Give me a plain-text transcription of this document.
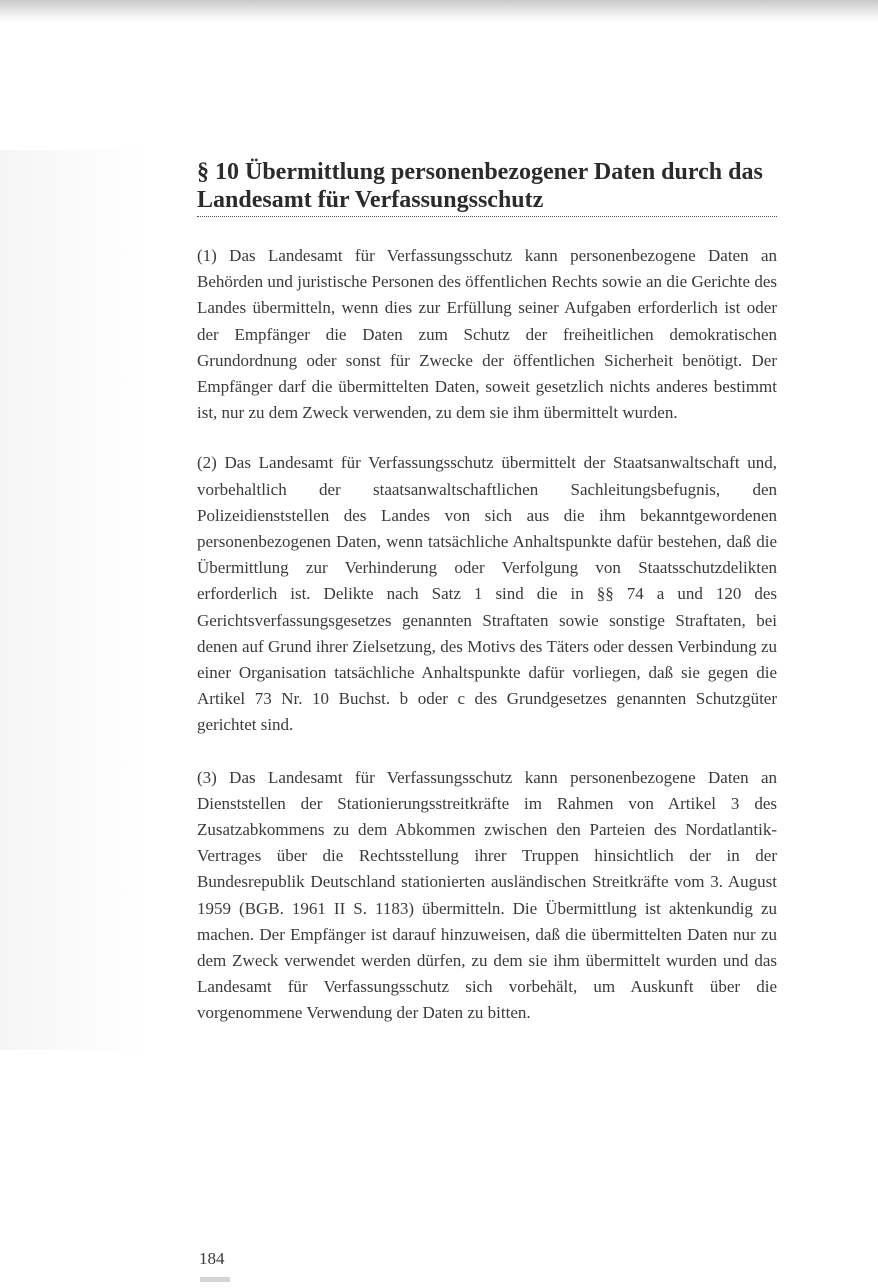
§ 10 Übermittlung personenbezogener Daten durch das Landesamt für Verfassungsschutz

(1) Das Landesamt für Verfassungsschutz kann personenbezogene Daten an Behörden und juristische Personen des öffentlichen Rechts sowie an die Gerichte des Landes übermitteln, wenn dies zur Erfüllung seiner Aufgaben erforderlich ist oder der Empfänger die Daten zum Schutz der freiheitlichen demokratischen Grundordnung oder sonst für Zwecke der öffentlichen Sicherheit benötigt. Der Empfänger darf die übermittelten Daten, soweit gesetzlich nichts anderes bestimmt ist, nur zu dem Zweck verwenden, zu dem sie ihm übermittelt wurden.

(2) Das Landesamt für Verfassungsschutz übermittelt der Staatsanwaltschaft und, vorbehaltlich der staatsanwaltschaftlichen Sachleitungsbefugnis, den Polizeidienststellen des Landes von sich aus die ihm bekanntgewordenen personenbezogenen Daten, wenn tatsächliche Anhaltspunkte dafür bestehen, daß die Übermittlung zur Verhinderung oder Verfolgung von Staatsschutzdelikten erforderlich ist. Delikte nach Satz 1 sind die in §§ 74 a und 120 des Gerichtsverfassungsgesetzes genannten Straftaten sowie sonstige Straftaten, bei denen auf Grund ihrer Zielsetzung, des Motivs des Täters oder dessen Verbindung zu einer Organisation tatsächliche Anhaltspunkte dafür vorliegen, daß sie gegen die Artikel 73 Nr. 10 Buchst. b oder c des Grundgesetzes genannten Schutzgüter gerichtet sind.

(3) Das Landesamt für Verfassungsschutz kann personenbezogene Daten an Dienststellen der Stationierungsstreitkräfte im Rahmen von Artikel 3 des Zusatzabkommens zu dem Abkommen zwischen den Parteien des Nordatlantik-Vertrages über die Rechtsstellung ihrer Truppen hinsichtlich der in der Bundesrepublik Deutschland stationierten ausländischen Streitkräfte vom 3. August 1959 (BGB. 1961 II S. 1183) übermitteln. Die Übermittlung ist aktenkundig zu machen. Der Empfänger ist darauf hinzuweisen, daß die übermittelten Daten nur zu dem Zweck verwendet werden dürfen, zu dem sie ihm übermittelt wurden und das Landesamt für Verfassungsschutz sich vorbehält, um Auskunft über die vorgenommene Verwendung der Daten zu bitten.

184
